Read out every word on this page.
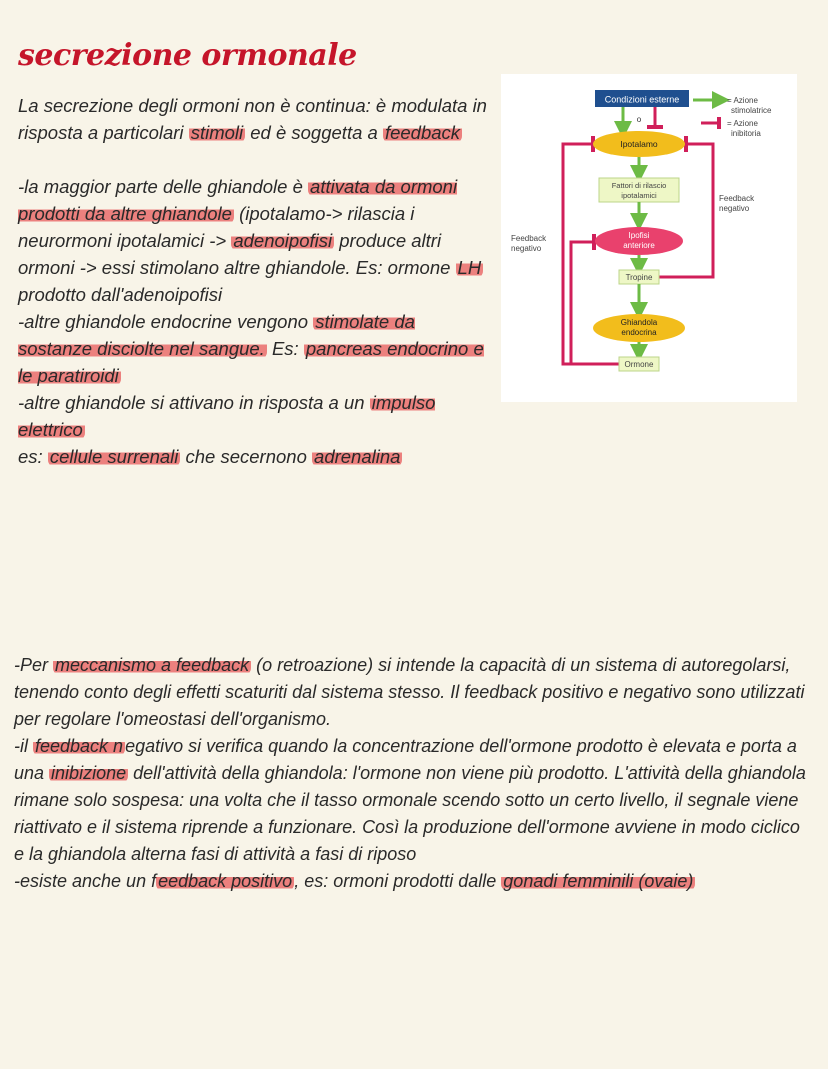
secrezione ormonale

La secrezione degli ormoni non è continua: è modulata in risposta a particolari stimoli ed è soggetta a feedback

-la maggior parte delle ghiandole è attivata da ormoni prodotti da altre ghiandole (ipotalamo-> rilascia i neurormoni ipotalamici -> adenoipofisi produce altri ormoni -> essi stimolano altre ghiandole. Es: ormone LH prodotto dall'adenoipofisi

-altre ghiandole endocrine vengono stimolate da sostanze disciolte nel sangue. Es: pancreas endocrino e le paratiroidi

-altre ghiandole si attivano in risposta a un impulso elettrico

es: cellule surrenali che secernono adrenalina

Condizioni esterne
o
= Azione
stimolatrice
= Azione
inibitoria
Ipotalamo
Fattori di rilascio
ipotalamici	Feedback
negativo
Feedback
negativo
Ipofisi
anteriore
Tropine
Ghiandola
endocrina
Ormone

-Per meccanismo a feedback (o retroazione) si intende la capacità di un sistema di autoregolarsi, tenendo conto degli effetti scaturiti dal sistema stesso. Il feedback positivo e negativo sono utilizzati per regolare l'omeostasi dell'organismo.

-il feedback n egativo si verifica quando la concentrazione dell'ormone prodotto è elevata e porta a una inibizione dell'attività della ghiandola: l'ormone non viene più prodotto. L'attività della ghiandola rimane solo sospesa: una volta che il tasso ormonale scendo sotto un certo livello, il segnale viene riattivato e il sistema riprende a funzionare. Così la produzione dell'ormone avviene in modo ciclico e la ghiandola alterna fasi di attività a fasi di riposo

-esiste anche un f eedback positivo , es: ormoni prodotti dalle gonadi femminili (ovaie)
